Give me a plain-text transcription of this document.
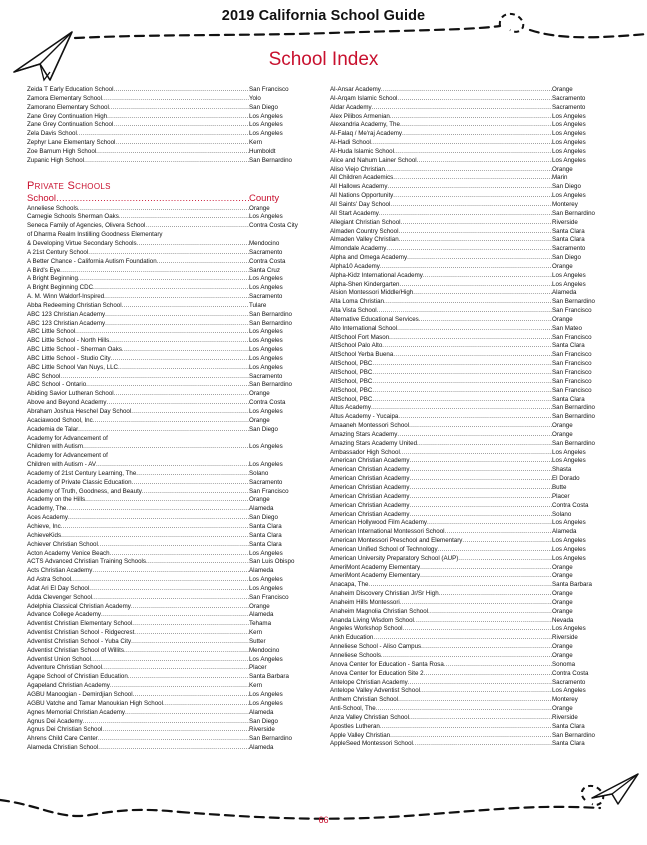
2019 California School Guide
School Index
Zeida T Early Education School .....	San Francisco
Zamora Elementary School .....	Yolo
Zamorano Elementary School .....	San Diego
Zane Grey Continuation High .....	Los Angeles
Zane Grey Continuation School .....	Los Angeles
Zela Davis School .....	Los Angeles
Zephyr Lane Elementary School .....	Kern
Zoe Barnum High School .....	Humboldt
Zupanic High School .....	San Bernardino
Private Schools
School .....	County
Anneliese Schools .....	Orange
Carnegie Schools Sherman Oaks .....	Los Angeles
Seneca Family of Agencies, Olivera School .....	Contra Costa City
of Dharma Realm Instilling Goodness Elementary
& Developing Virtue Secondary Schools .....	Mendocino
A 21st Century School .....	Sacramento
A Better Chance - California Autism Foundation .....	Contra Costa
A Bird's Eye .....	Santa Cruz
A Bright Beginning .....	Los Angeles
A Bright Beginning CDC .....	Los Angeles
A. M. Winn Waldorf-Inspired .....	Sacramento
Abba Redeeming Christian School .....	Tulare
ABC 123 Christian Academy .....	San Bernardino
ABC 123 Christian Academy .....	San Bernardino
ABC Little School .....	Los Angeles
ABC Little School - North Hills .....	Los Angeles
ABC Little School - Sherman Oaks .....	Los Angeles
ABC Little School - Studio City .....	Los Angeles
ABC Little School Van Nuys, LLC .....	Los Angeles
ABC School .....	Sacramento
ABC School - Ontario .....	San Bernardino
Abiding Savior Lutheran School .....	Orange
Above and Beyond Academy .....	Contra Costa
Abraham Joshua Heschel Day School .....	Los Angeles
Acaciawood School, Inc .....	Orange
Academia de Talar .....	San Diego
Academy for Advancement of
Children with Autism .....	Los Angeles
Academy for Advancement of
Children with Autism - AV .....	Los Angeles
Academy of 21st Century Learning, The .....	Solano
Academy of Private Classic Education .....	Sacramento
Academy of Truth, Goodness, and Beauty .....	San Francisco
Academy on the Hills .....	Orange
Academy, The .....	Alameda
Aces Academy .....	San Diego
Achieve, Inc .....	Santa Clara
AchieveKids .....	Santa Clara
Achiever Christian School .....	Santa Clara
Acton Academy Venice Beach .....	Los Angeles
ACTS Advanced Christian Training Schools .....	San Luis Obispo
Acts Christian Academy .....	Alameda
Ad Astra School .....	Los Angeles
Adat Ari El Day School .....	Los Angeles
Adda Clevenger School .....	San Francisco
Adelphia Classical Christian Academy .....	Orange
Advance College Academy .....	Alameda
Adventist Christian Elementary School .....	Tehama
Adventist Christian School - Ridgecrest .....	Kern
Adventist Christian School - Yuba City .....	Sutter
Adventist Christian School of Willits .....	Mendocino
Adventist Union School .....	Los Angeles
Adventure Christian School .....	Placer
Agape School of Christian Education .....	Santa Barbara
Agapeland Christian Academy .....	Kern
AGBU Manoogian - Demirdjian School .....	Los Angeles
AGBU Vatche and Tamar Manoukian High School .....	Los Angeles
Agnes Memorial Christian Academy .....	Alameda
Agnus Dei Academy .....	San Diego
Agnus Dei Christian School .....	Riverside
Ahrens Child Care Center .....	San Bernardino
Alameda Christian School .....	Alameda
Al-Ansar Academy .....	Orange
Al-Arqam Islamic School .....	Sacramento
Aldar Academy .....	Sacramento
Alex Pilibos Armenian .....	Los Angeles
Alexandria Academy, The .....	Los Angeles
Al-Falaq / Me'raj Academy .....	Los Angeles
Al-Hadi School .....	Los Angeles
Al-Huda Islamic School .....	Los Angeles
Alice and Nahum Lainer School .....	Los Angeles
Aliso Viejo Christian .....	Orange
All Children Academics .....	Marin
All Hallows Academy .....	San Diego
All Nations Opportunity .....	Los Angeles
All Saints' Day School .....	Monterey
All Start Academy .....	San Bernardino
Allegiant Christian School .....	Riverside
Almaden Country School .....	Santa Clara
Almaden Valley Christian .....	Santa Clara
Almondale Academy .....	Sacramento
Alpha and Omega Academy .....	San Diego
Alpha10 Academy .....	Orange
Alpha-Kidz International Academy .....	Los Angeles
Alpha-Shen Kindergarten .....	Los Angeles
Alsion Montessori Middle/High .....	Alameda
Alta Loma Christian .....	San Bernardino
Alta Vista School .....	San Francisco
Alternative Educational Services .....	Orange
Alto International School .....	San Mateo
AltSchool Fort Mason .....	San Francisco
AltSchool Palo Alto .....	Santa Clara
AltSchool Yerba Buena .....	San Francisco
AltSchool, PBC .....	San Francisco
AltSchool, PBC .....	San Francisco
AltSchool, PBC .....	San Francisco
AltSchool, PBC .....	San Francisco
AltSchool, PBC .....	Santa Clara
Altus Academy .....	San Bernardino
Altus Academy - Yucaipa .....	San Bernardino
Amaaneh Montessori School .....	Orange
Amazing Stars Academy .....	Orange
Amazing Stars Academy United .....	San Bernardino
Ambassador High School .....	Los Angeles
American Christian Academy .....	Los Angeles
American Christian Academy .....	Shasta
American Christian Academy .....	El Dorado
American Christian Academy .....	Butte
American Christian Academy .....	Placer
American Christian Academy .....	Contra Costa
American Christian Academy .....	Solano
American Hollywood Film Academy .....	Los Angeles
American International Montessori School .....	Alameda
American Montessori Preschool and Elementary .....	Los Angeles
American Unified School of Technology .....	Los Angeles
American University Preparatory School (AUP) .....	Los Angeles
AmeriMont Academy Elementary .....	Orange
AmeriMont Academy Elementary .....	Orange
Anacapa, The .....	Santa Barbara
Anaheim Discovery Christian Jr/Sr High .....	Orange
Anaheim Hills Montessori .....	Orange
Anaheim Magnolia Christian School .....	Orange
Ananda Living Wisdom School .....	Nevada
Angeles Workshop School .....	Los Angeles
Ankh Education .....	Riverside
Anneliese School - Aliso Campus .....	Orange
Anneliese Schools .....	Orange
Anova Center for Education - Santa Rosa .....	Sonoma
Anova Center for Education Site 2 .....	Contra Costa
Antelope Christian Academy .....	Sacramento
Antelope Valley Adventist School .....	Los Angeles
Anthem Christian School .....	Monterey
Anti-School, The .....	Orange
Anza Valley Christian School .....	Riverside
Apostles Lutheran .....	Santa Clara
Apple Valley Christian .....	San Bernardino
AppleSeed Montessori School .....	Santa Clara
66
